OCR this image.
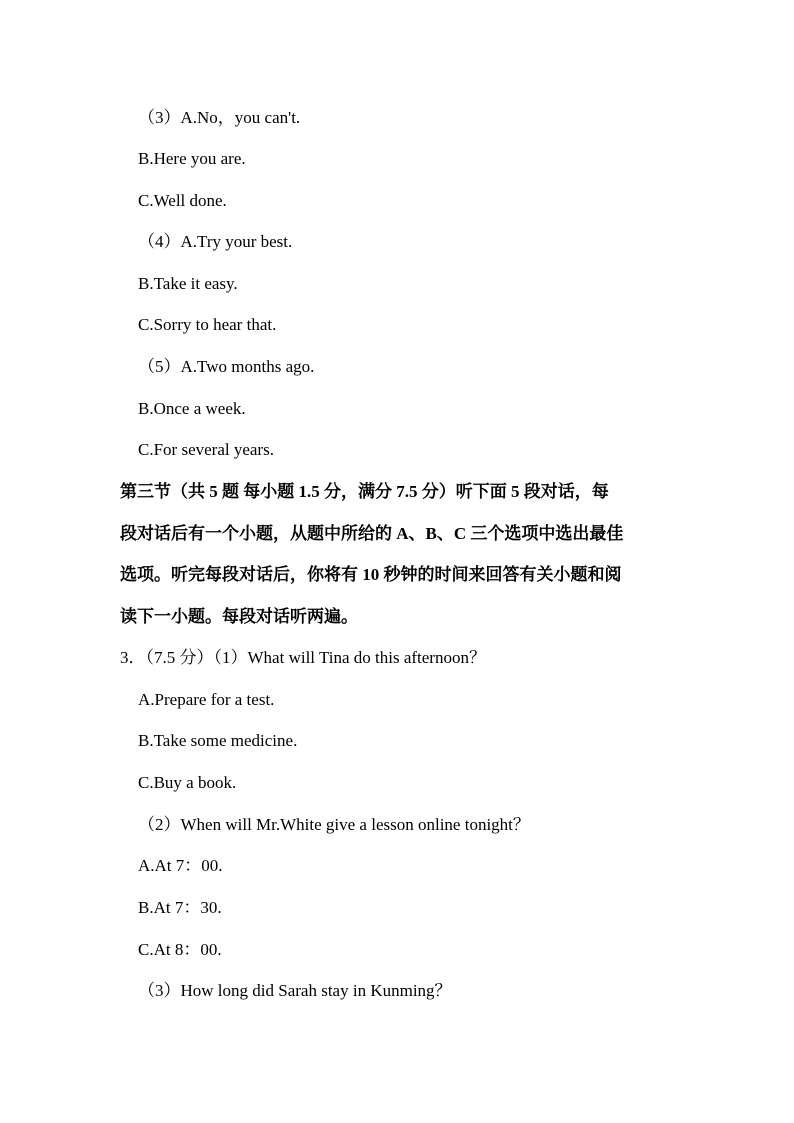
（3）A.No，you can't.
B.Here you are.
C.Well done.
（4）A.Try your best.
B.Take it easy.
C.Sorry to hear that.
（5）A.Two months ago.
B.Once a week.
C.For several years.
第三节（共 5 题 每小题 1.5 分，满分 7.5 分）听下面 5 段对话，每
段对话后有一个小题，从题中所给的 A、B、C 三个选项中选出最佳
选项。听完每段对话后，你将有 10 秒钟的时间来回答有关小题和阅
读下一小题。每段对话听两遍。
3．（7.5 分）（1）What will Tina do this afternoon？
A.Prepare for a test.
B.Take some medicine.
C.Buy a book.
（2）When will Mr.White give a lesson online tonight？
A.At 7：00.
B.At 7：30.
C.At 8：00.
（3）How long did Sarah stay in Kunming？
